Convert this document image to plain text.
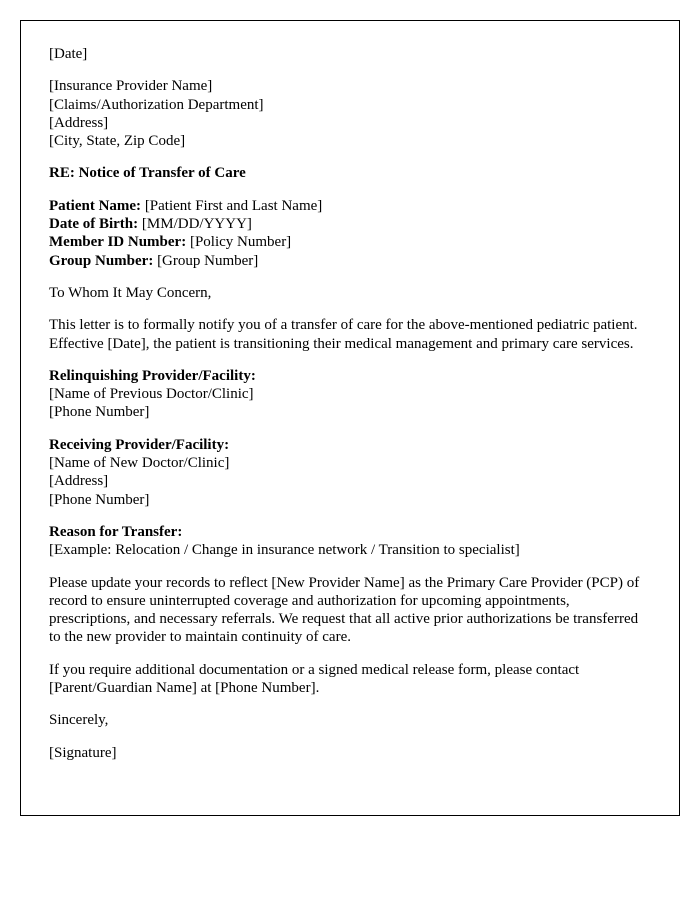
[Date]

[Insurance Provider Name]
[Claims/Authorization Department]
[Address]
[City, State, Zip Code]

RE: Notice of Transfer of Care

Patient Name: [Patient First and Last Name]
Date of Birth: [MM/DD/YYYY]
Member ID Number: [Policy Number]
Group Number: [Group Number]

To Whom It May Concern,

This letter is to formally notify you of a transfer of care for the above-mentioned pediatric patient. Effective [Date], the patient is transitioning their medical management and primary care services.

Relinquishing Provider/Facility:
[Name of Previous Doctor/Clinic]
[Phone Number]
Receiving Provider/Facility:
[Name of New Doctor/Clinic]
[Address]
[Phone Number]
Reason for Transfer:
[Example: Relocation / Change in insurance network / Transition to specialist]

Please update your records to reflect [New Provider Name] as the Primary Care Provider (PCP) of record to ensure uninterrupted coverage and authorization for upcoming appointments, prescriptions, and necessary referrals. We request that all active prior authorizations be transferred to the new provider to maintain continuity of care.

If you require additional documentation or a signed medical release form, please contact [Parent/Guardian Name] at [Phone Number].

Sincerely,

[Signature]
